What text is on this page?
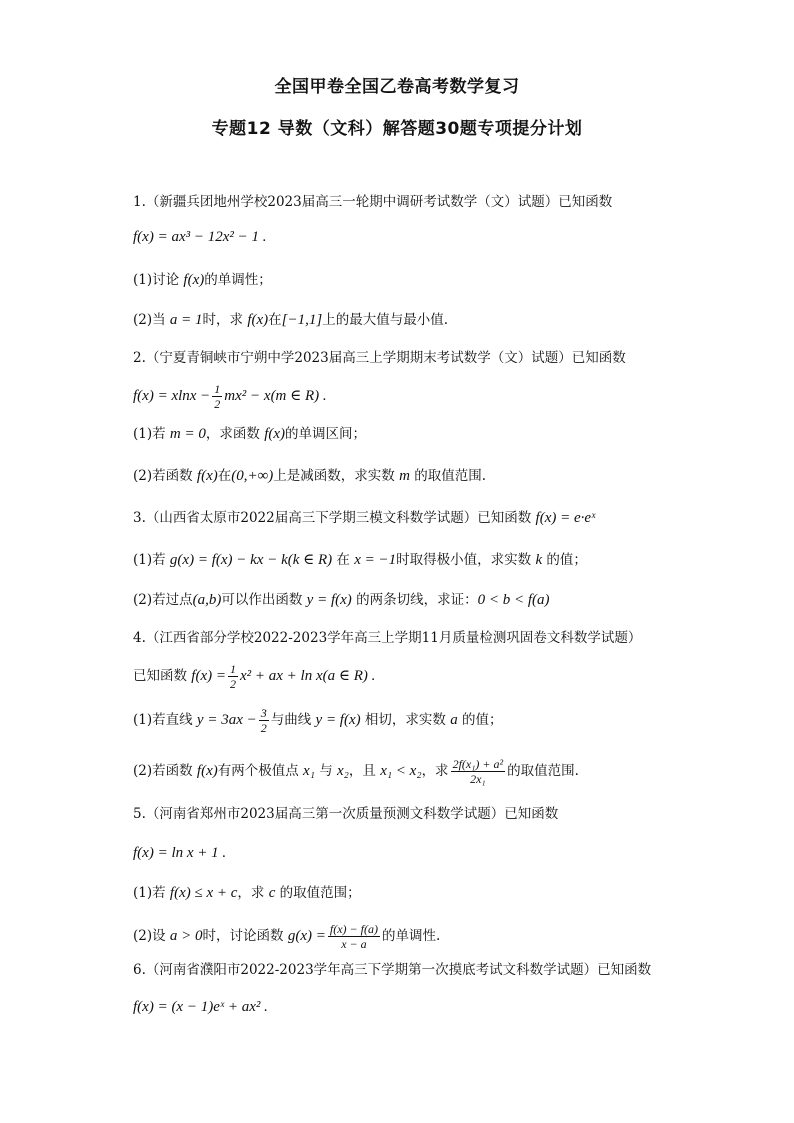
全国甲卷全国乙卷高考数学复习
专题12 导数（文科）解答题30题专项提分计划
1.（新疆兵团地州学校2023届高三一轮期中调研考试数学（文）试题）已知函数
f(x) = ax³ − 12x² − 1 .
(1)讨论 f(x)的单调性；
(2)当 a = 1时，求 f(x)在[−1,1]上的最大值与最小值.
2.（宁夏青铜峡市宁朔中学2023届高三上学期期末考试数学（文）试题）已知函数
$f(x) = xlnx - \frac{1}{2} mx^2 - x(m$ ∈ R) .
(1)若 m = 0，求函数 f(x)的单调区间；
(2)若函数 f(x)在(0,+∞)上是减函数，求实数 m 的取值范围.
3.（山西省太原市2022届高三下学期三模文科数学试题）已知函数 f(x) = e·eˣ
(1)若 g(x) = f(x) − kx − k(k ∈ R) 在 x = −1时取得极小值，求实数 k 的值；
(2)若过点(a,b)可以作出函数 y = f(x) 的两条切线，求证：0 < b < f(a)
4.（江西省部分学校2022-2023学年高三上学期11月质量检测巩固卷文科数学试题）
已知函数 $f(x) = \frac{1}{2} x^2$ + ax + ln x(a ∈ R) .
(1)若直线 $y = 3ax - \frac{3}{2}$ 与曲线 y = f(x) 相切，求实数 a 的值；
(2)若函数 f(x)有两个极值点 x₁ 与 x₂，且 x₁ < x₂，求 $\frac{\text{2f(x₁) + a²}}{\text{2x₁}}$ 的取值范围.
5.（河南省郑州市2023届高三第一次质量预测文科数学试题）已知函数
f(x) = ln x + 1 .
(1)若 f(x) ≤ x + c，求 c 的取值范围；
(2)设 a > 0时，讨论函数 $g(x) = \frac{f(x) - f(a)}{x - a}$ 的单调性.
6.（河南省濮阳市2022-2023学年高三下学期第一次摸底考试文科数学试题）已知函数
f(x) = (x − 1)eˣ + ax² .
